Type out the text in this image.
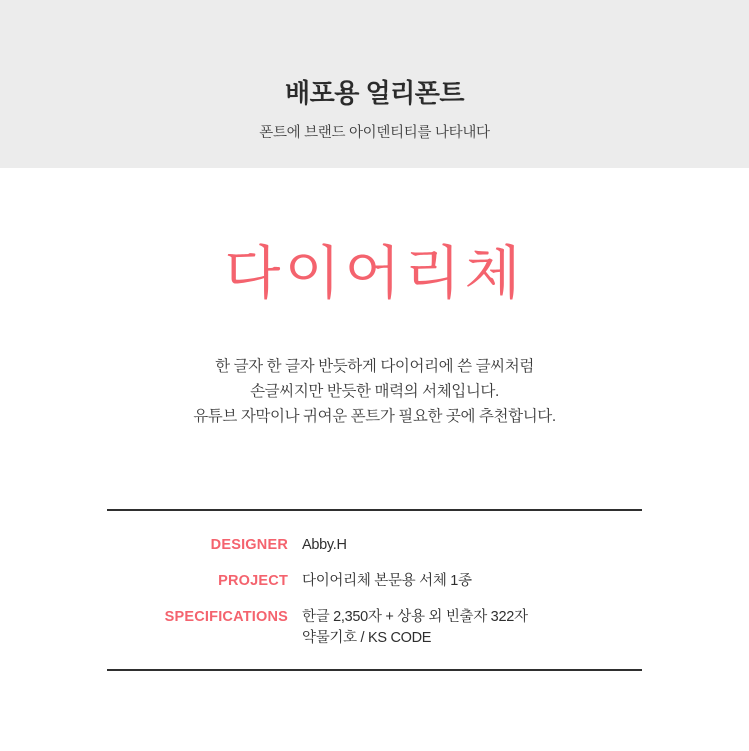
배포용 얼리폰트
폰트에 브랜드 아이덴티티를 나타내다
다이어리체
한 글자 한 글자 반듯하게 다이어리에 쓴 글씨처럼
손글씨지만 반듯한 매력의 서체입니다.
유튜브 자막이나 귀여운 폰트가 필요한 곳에 추천합니다.
DESIGNER Abby.H
PROJECT 다이어리체 본문용 서체 1종
SPECIFICATIONS 한글 2,350자 + 상용 외 빈출자 322자
약물기호 / KS CODE
